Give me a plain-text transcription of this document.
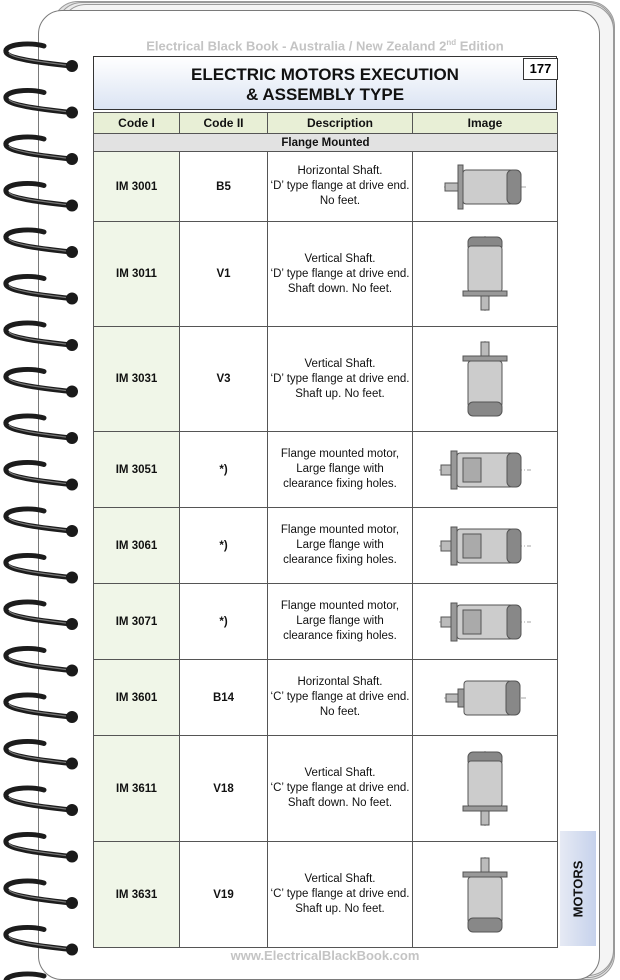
Electrical Black Book - Australia / New Zealand 2nd Edition
ELECTRIC MOTORS EXECUTION
& ASSEMBLY TYPE
177
Code I	Code II	Description	Image
Flange Mounted			
IM 3001	B5	Horizontal Shaft.
‘D’ type flange at drive end.
No feet.

IM 3011	V1	Vertical Shaft.
‘D’ type flange at drive end.
Shaft down. No feet.

IM 3031	V3	Vertical Shaft.
‘D’ type flange at drive end.
Shaft up. No feet.

IM 3051	*)	Flange mounted motor,
Large flange with
clearance fixing holes.

IM 3061	*)	Flange mounted motor,
Large flange with
clearance fixing holes.

IM 3071	*)	Flange mounted motor,
Large flange with
clearance fixing holes.

IM 3601	B14	Horizontal Shaft.
‘C’ type flange at drive end.
No feet.

IM 3611	V18	Vertical Shaft.
‘C’ type flange at drive end.
Shaft down. No feet.

IM 3631	V19	Vertical Shaft.
‘C’ type flange at drive end.
Shaft up. No feet.
		MOTORS
www.ElectricalBlackBook.com
